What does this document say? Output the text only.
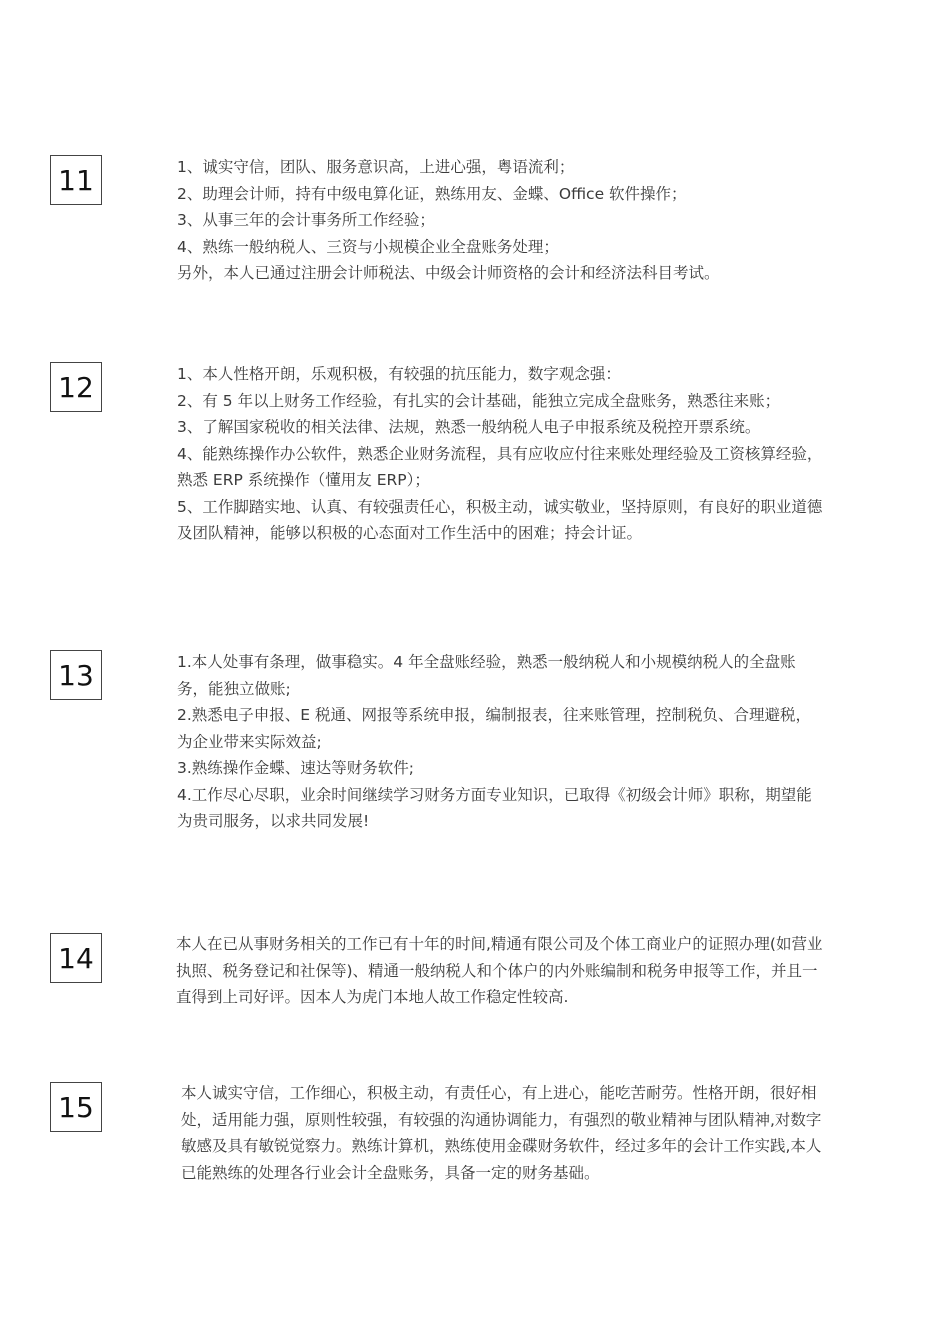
11	1、诚实守信，团队、服务意识高，上进心强，粤语流利；
2、助理会计师，持有中级电算化证，熟练用友、金蝶、Office 软件操作；
3、从事三年的会计事务所工作经验；
4、熟练一般纳税人、三资与小规模企业全盘账务处理；
另外，本人已通过注册会计师税法、中级会计师资格的会计和经济法科目考试。
12	1、本人性格开朗，乐观积极，有较强的抗压能力，数字观念强：
2、有 5 年以上财务工作经验，有扎实的会计基础，能独立完成全盘账务，熟悉往来账；
3、了解国家税收的相关法律、法规，熟悉一般纳税人电子申报系统及税控开票系统。
4、能熟练操作办公软件，熟悉企业财务流程，具有应收应付往来账处理经验及工资核算经验，熟悉 ERP 系统操作（懂用友 ERP）；
5、工作脚踏实地、认真、有较强责任心，积极主动，诚实敬业，坚持原则，有良好的职业道德及团队精神，能够以积极的心态面对工作生活中的困难；持会计证。
13	1.本人处事有条理，做事稳实。4 年全盘账经验，熟悉一般纳税人和小规模纳税人的全盘账务，能独立做账;
2.熟悉电子申报、E 税通、网报等系统申报，编制报表，往来账管理，控制税负、合理避税，为企业带来实际效益;
3.熟练操作金蝶、速达等财务软件;
4.工作尽心尽职，业余时间继续学习财务方面专业知识，已取得《初级会计师》职称，期望能为贵司服务，以求共同发展!
14	本人在已从事财务相关的工作已有十年的时间,精通有限公司及个体工商业户的证照办理(如营业执照、税务登记和社保等)、精通一般纳税人和个体户的内外账编制和税务申报等工作，并且一直得到上司好评。因本人为虎门本地人故工作稳定性较高.
15	本人诚实守信，工作细心，积极主动，有责任心，有上进心，能吃苦耐劳。性格开朗，很好相处，适用能力强，原则性较强，有较强的沟通协调能力，有强烈的敬业精神与团队精神,对数字敏感及具有敏锐觉察力。熟练计算机，熟练使用金碟财务软件，经过多年的会计工作实践,本人已能熟练的处理各行业会计全盘账务，具备一定的财务基础。
